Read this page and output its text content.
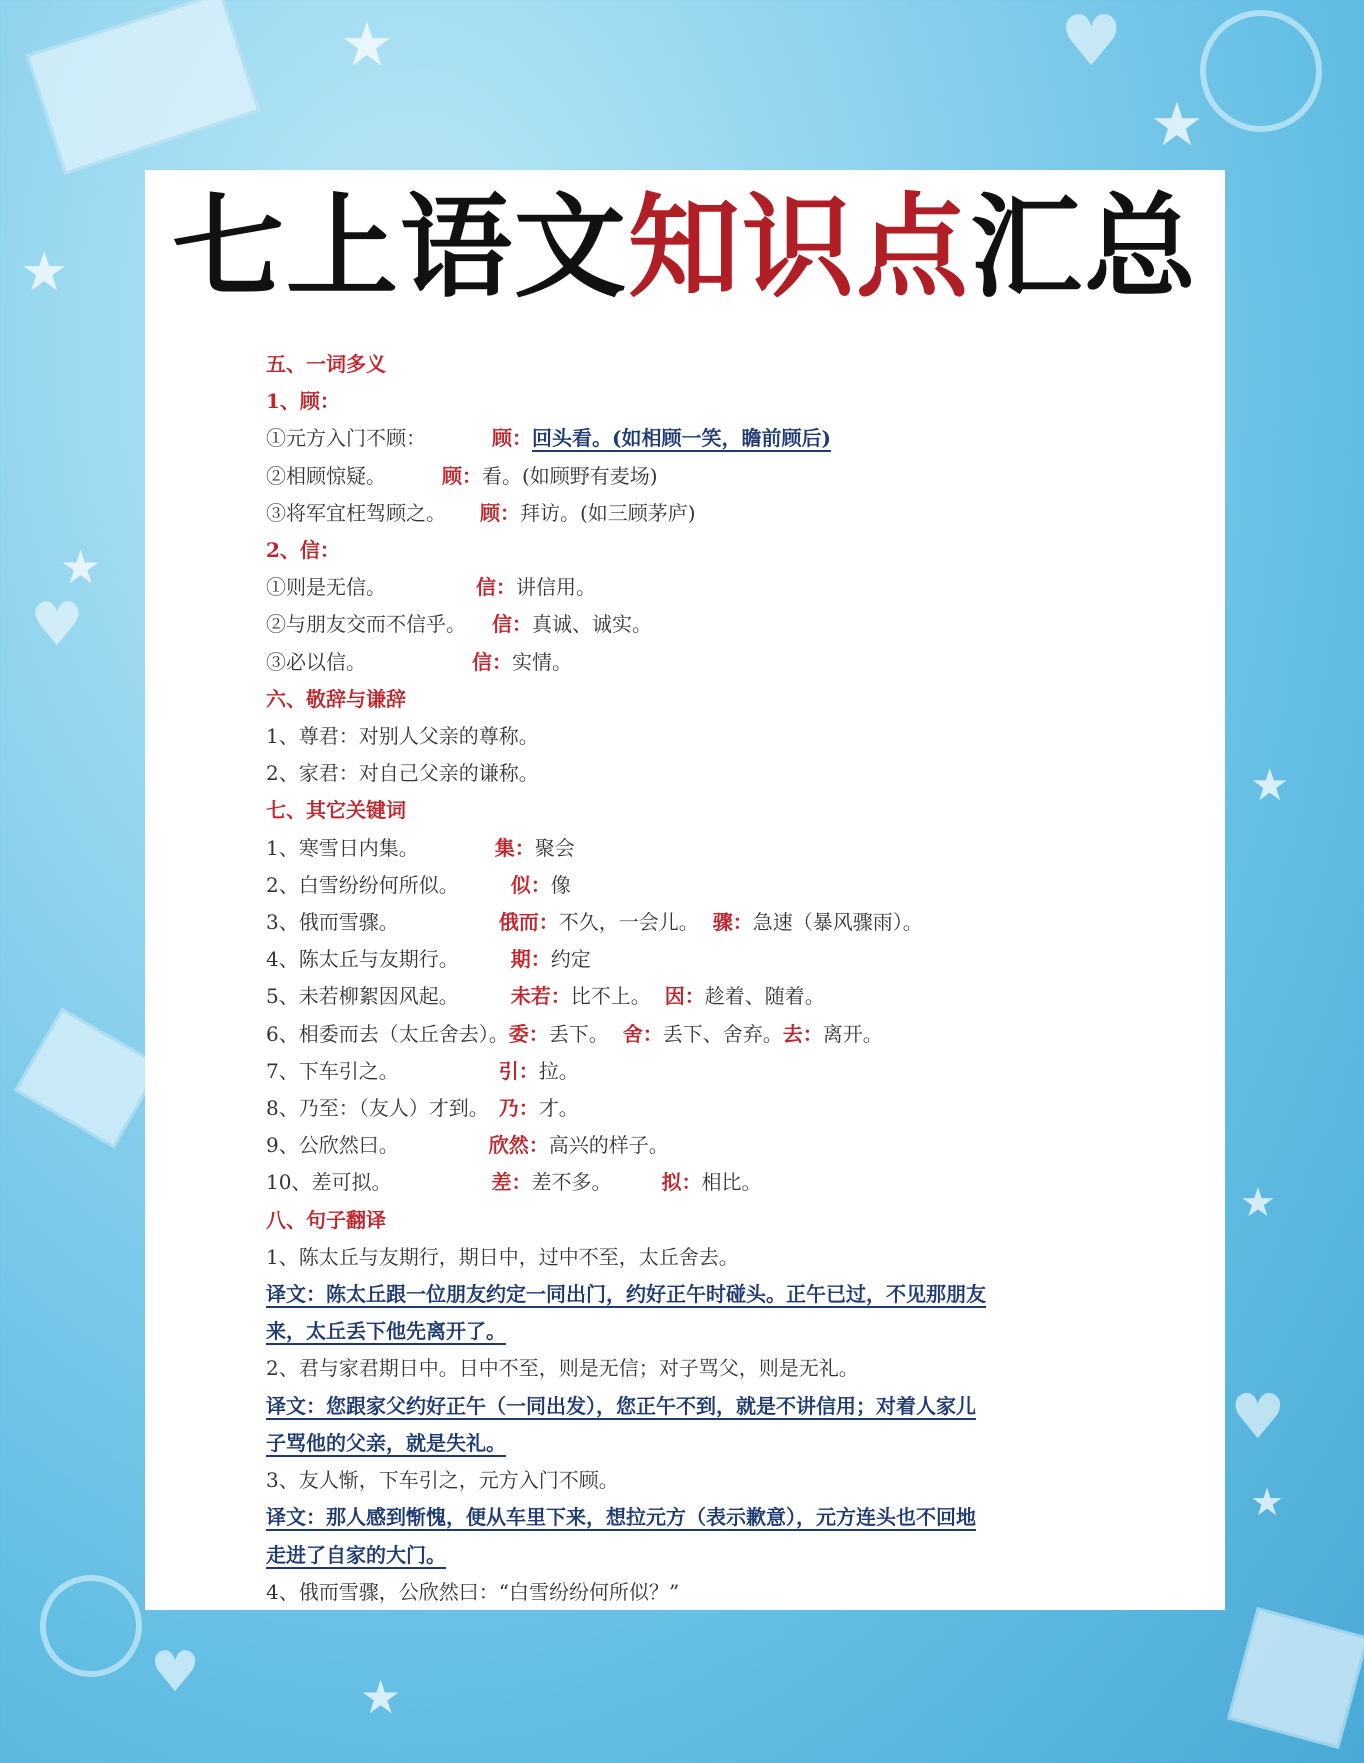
★
★
★
★
★
★
★
★
♥
♥
♥
♥
七上语文知识点汇总
五、一词多义
1、顾：
①元方入门不顾：	顾：回头看。(如相顾一笑，瞻前顾后)
②相顾惊疑。	顾：看。(如顾野有麦场)
③将军宜枉驾顾之。 顾：拜访。(如三顾茅庐)
2、信：
①则是无信。	信：讲信用。
②与朋友交而不信乎。 信：真诚、诚实。
③必以信。	信：实情。
六、敬辞与谦辞
1、尊君：对别人父亲的尊称。
2、家君：对自己父亲的谦称。
七、其它关键词
1、寒雪日内集。	集：聚会
2、白雪纷纷何所似。	似：像
3、俄而雪骤。	俄而：不久，一会儿。 骤：急速（暴风骤雨）。
4、陈太丘与友期行。	期：约定
5、未若柳絮因风起。	未若：比不上。 因：趁着、随着。
6、相委而去（太丘舍去）。委：丢下。 舍：丢下、舍弃。去：离开。
7、下车引之。	引：拉。
8、乃至：（友人）才到。 乃：才。
9、公欣然曰。	欣然：高兴的样子。
10、差可拟。	差：差不多。	拟：相比。
八、句子翻译
1、陈太丘与友期行，期日中，过中不至，太丘舍去。
译文：陈太丘跟一位朋友约定一同出门，约好正午时碰头。正午已过，不见那朋友
来，太丘丢下他先离开了。
2、君与家君期日中。日中不至，则是无信；对子骂父，则是无礼。
译文：您跟家父约好正午（一同出发），您正午不到，就是不讲信用；对着人家儿
子骂他的父亲，就是失礼。
3、友人惭，下车引之，元方入门不顾。
译文：那人感到惭愧，便从车里下来，想拉元方（表示歉意），元方连头也不回地
走进了自家的大门。
4、俄而雪骤，公欣然曰：“白雪纷纷何所似？”
